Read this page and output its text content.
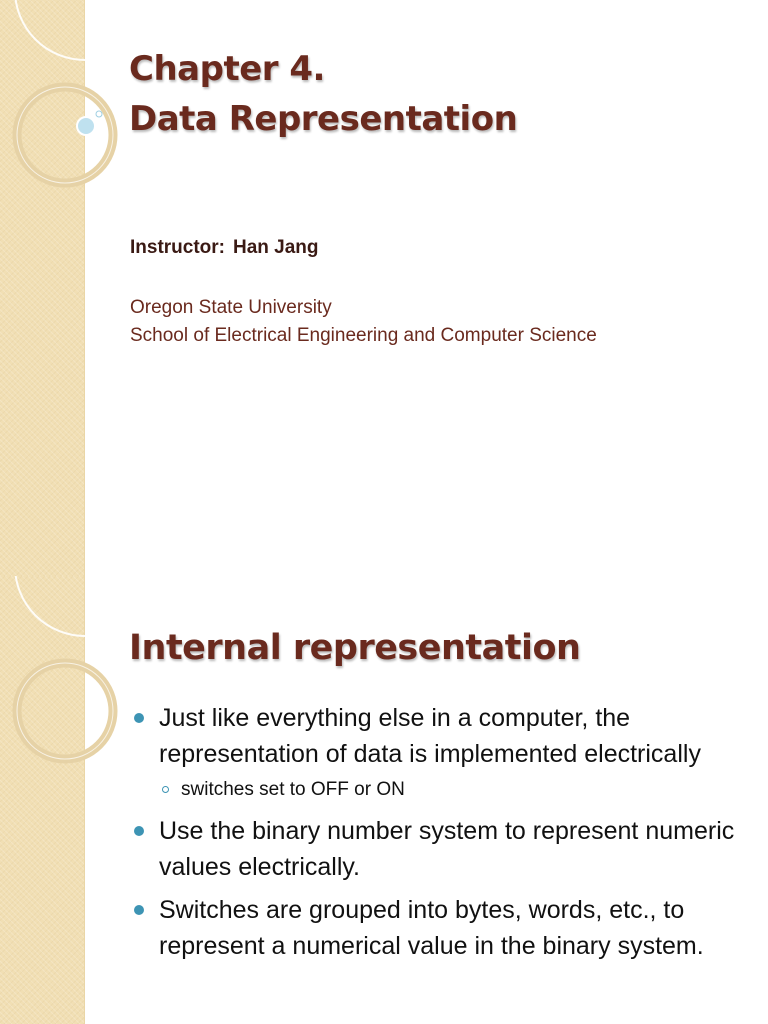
Chapter 4.
Data Representation

Instructor: Han Jang

Oregon State University
School of Electrical Engineering and Computer Science

Internal representation
Just like everything else in a computer, the representation of data is implemented electrically
switches set to OFF or ON
Use the binary number system to represent numeric values electrically.
Switches are grouped into bytes, words, etc., to represent a numerical value in the binary system.
